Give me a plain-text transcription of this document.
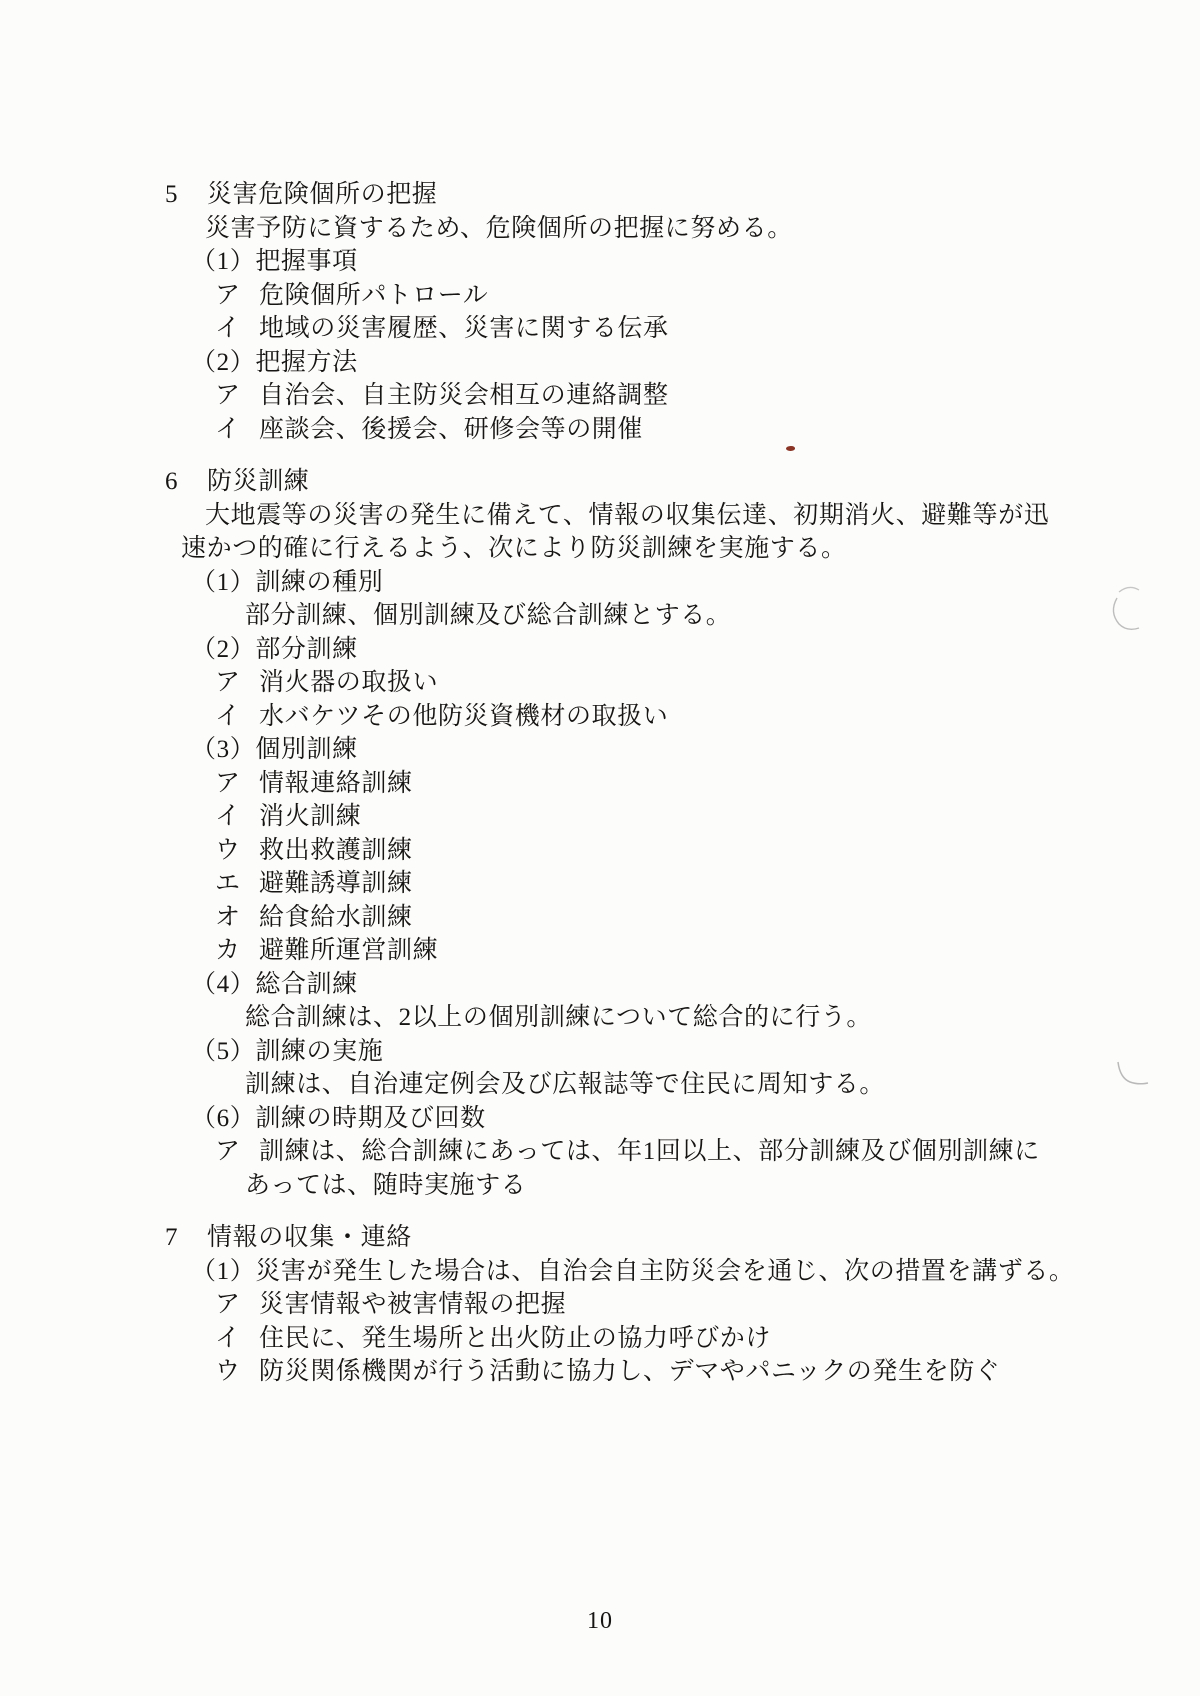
5	災害危険個所の把握
災害予防に資するため、危険個所の把握に努める。
（1） 把握事項
ア 危険個所パトロール
イ 地域の災害履歴、災害に関する伝承
（2） 把握方法
ア 自治会、自主防災会相互の連絡調整
イ 座談会、後援会、研修会等の開催
6	防災訓練
大地震等の災害の発生に備えて、情報の収集伝達、初期消火、避難等が迅
速かつ的確に行えるよう、次により防災訓練を実施する。
（1） 訓練の種別
部分訓練、個別訓練及び総合訓練とする。
（2） 部分訓練
ア 消火器の取扱い
イ 水バケツその他防災資機材の取扱い
（3） 個別訓練
ア 情報連絡訓練
イ 消火訓練
ウ 救出救護訓練
エ 避難誘導訓練
オ 給食給水訓練
カ 避難所運営訓練
（4） 総合訓練
総合訓練は、2以上の個別訓練について総合的に行う。
（5） 訓練の実施
訓練は、自治連定例会及び広報誌等で住民に周知する。
（6） 訓練の時期及び回数
ア 訓練は、総合訓練にあっては、年1回以上、部分訓練及び個別訓練に
あっては、随時実施する
7	情報の収集・連絡
（1） 災害が発生した場合は、自治会自主防災会を通じ、次の措置を講ずる。
ア 災害情報や被害情報の把握
イ 住民に、発生場所と出火防止の協力呼びかけ
ウ 防災関係機関が行う活動に協力し、デマやパニックの発生を防ぐ
10
